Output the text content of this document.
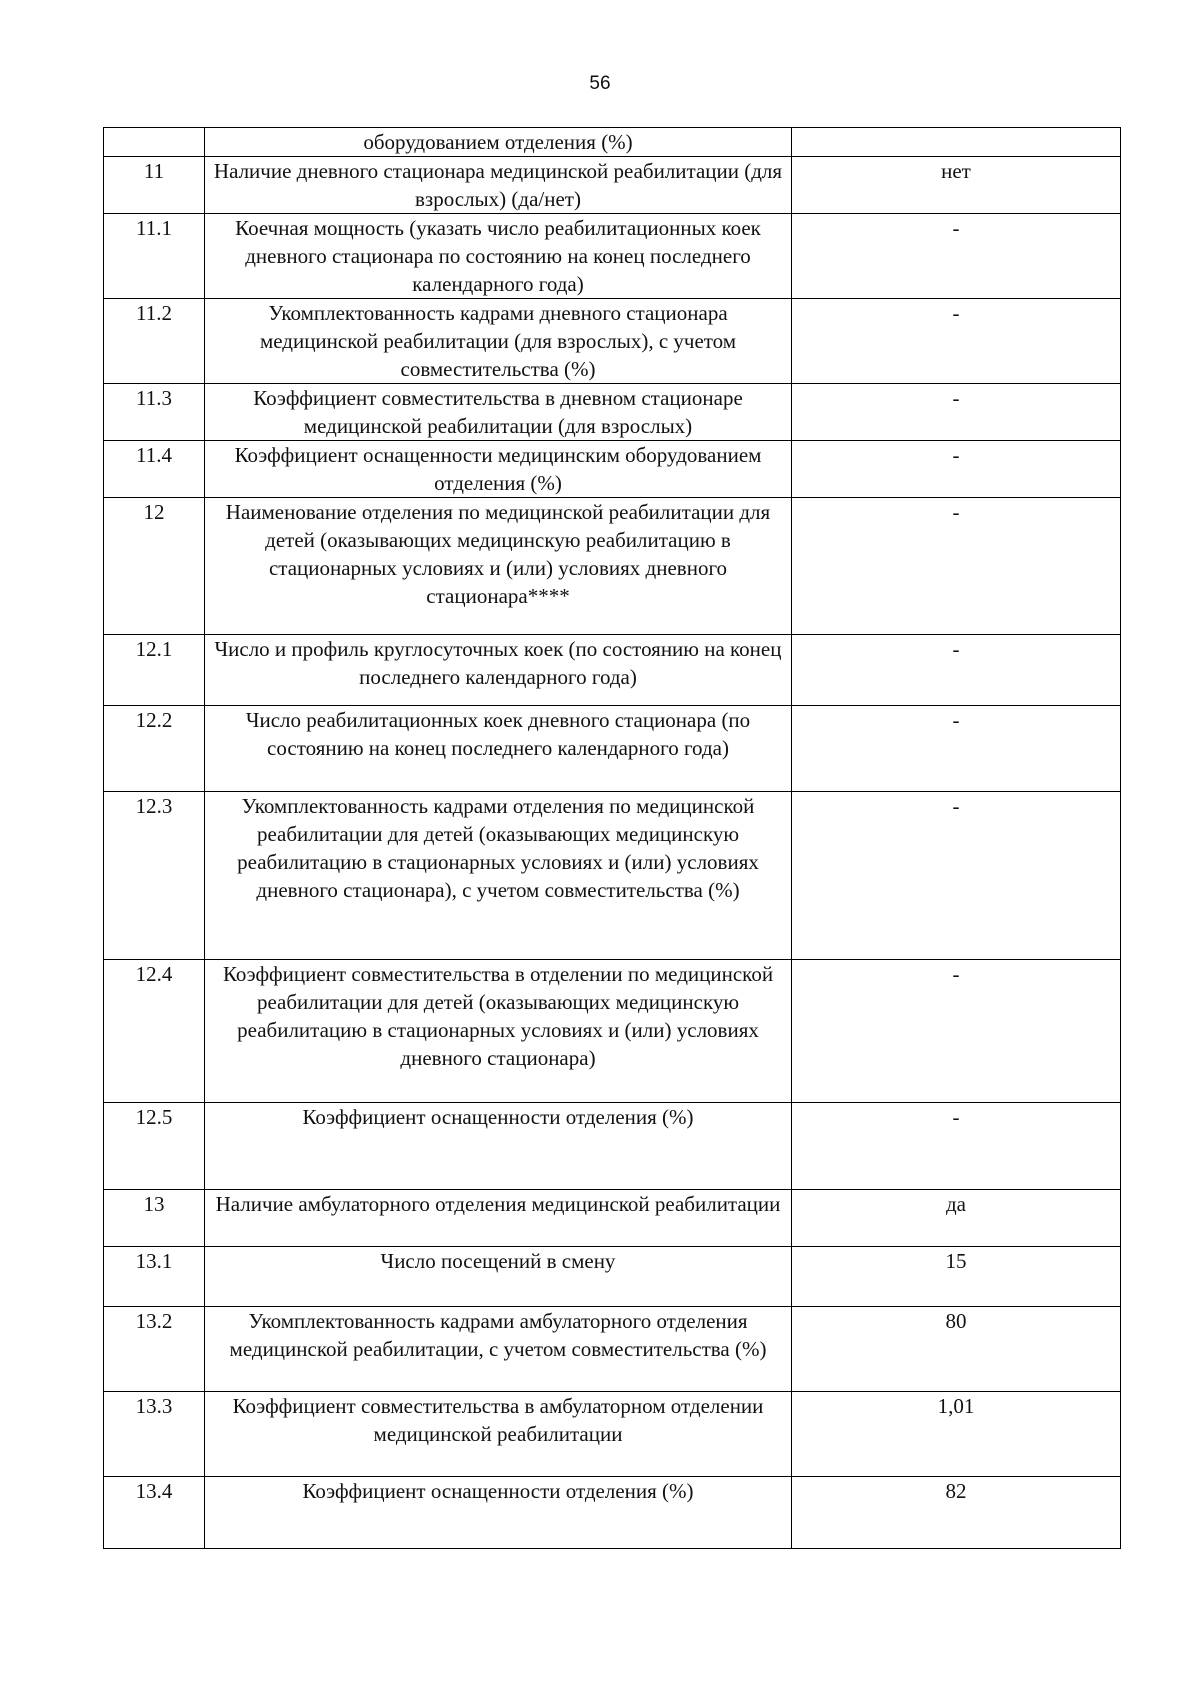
56
	оборудованием отделения (%)	
11	Наличие дневного стационара медицинской реабилитации (для взрослых) (да/нет)	нет
11.1	Коечная мощность (указать число реабилитационных коек дневного стационара по состоянию на конец последнего календарного года)	-
11.2	Укомплектованность кадрами дневного стационара медицинской реабилитации (для взрослых), с учетом совместительства (%)	-
11.3	Коэффициент совместительства в дневном стационаре медицинской реабилитации (для взрослых)	-
11.4	Коэффициент оснащенности медицинским оборудованием отделения (%)	-
12	Наименование отделения по медицинской реабилитации для детей (оказывающих медицинскую реабилитацию в стационарных условиях и (или) условиях дневного стационара****	-
12.1	Число и профиль круглосуточных коек (по состоянию на конец последнего календарного года)	-
12.2	Число реабилитационных коек дневного стационара (по состоянию на конец последнего календарного года)	-
12.3	Укомплектованность кадрами отделения по медицинской реабилитации для детей (оказывающих медицинскую реабилитацию в стационарных условиях и (или) условиях дневного стационара), с учетом совместительства (%)	-
12.4	Коэффициент совместительства в отделении по медицинской реабилитации для детей (оказывающих медицинскую реабилитацию в стационарных условиях и (или) условиях дневного стационара)	-
12.5	Коэффициент оснащенности отделения (%)	-
13	Наличие амбулаторного отделения медицинской реабилитации	да
13.1	Число посещений в смену	15
13.2	Укомплектованность кадрами амбулаторного отделения медицинской реабилитации, с учетом совместительства (%)	80
13.3	Коэффициент совместительства в амбулаторном отделении медицинской реабилитации	1,01
13.4	Коэффициент оснащенности отделения (%)	82
